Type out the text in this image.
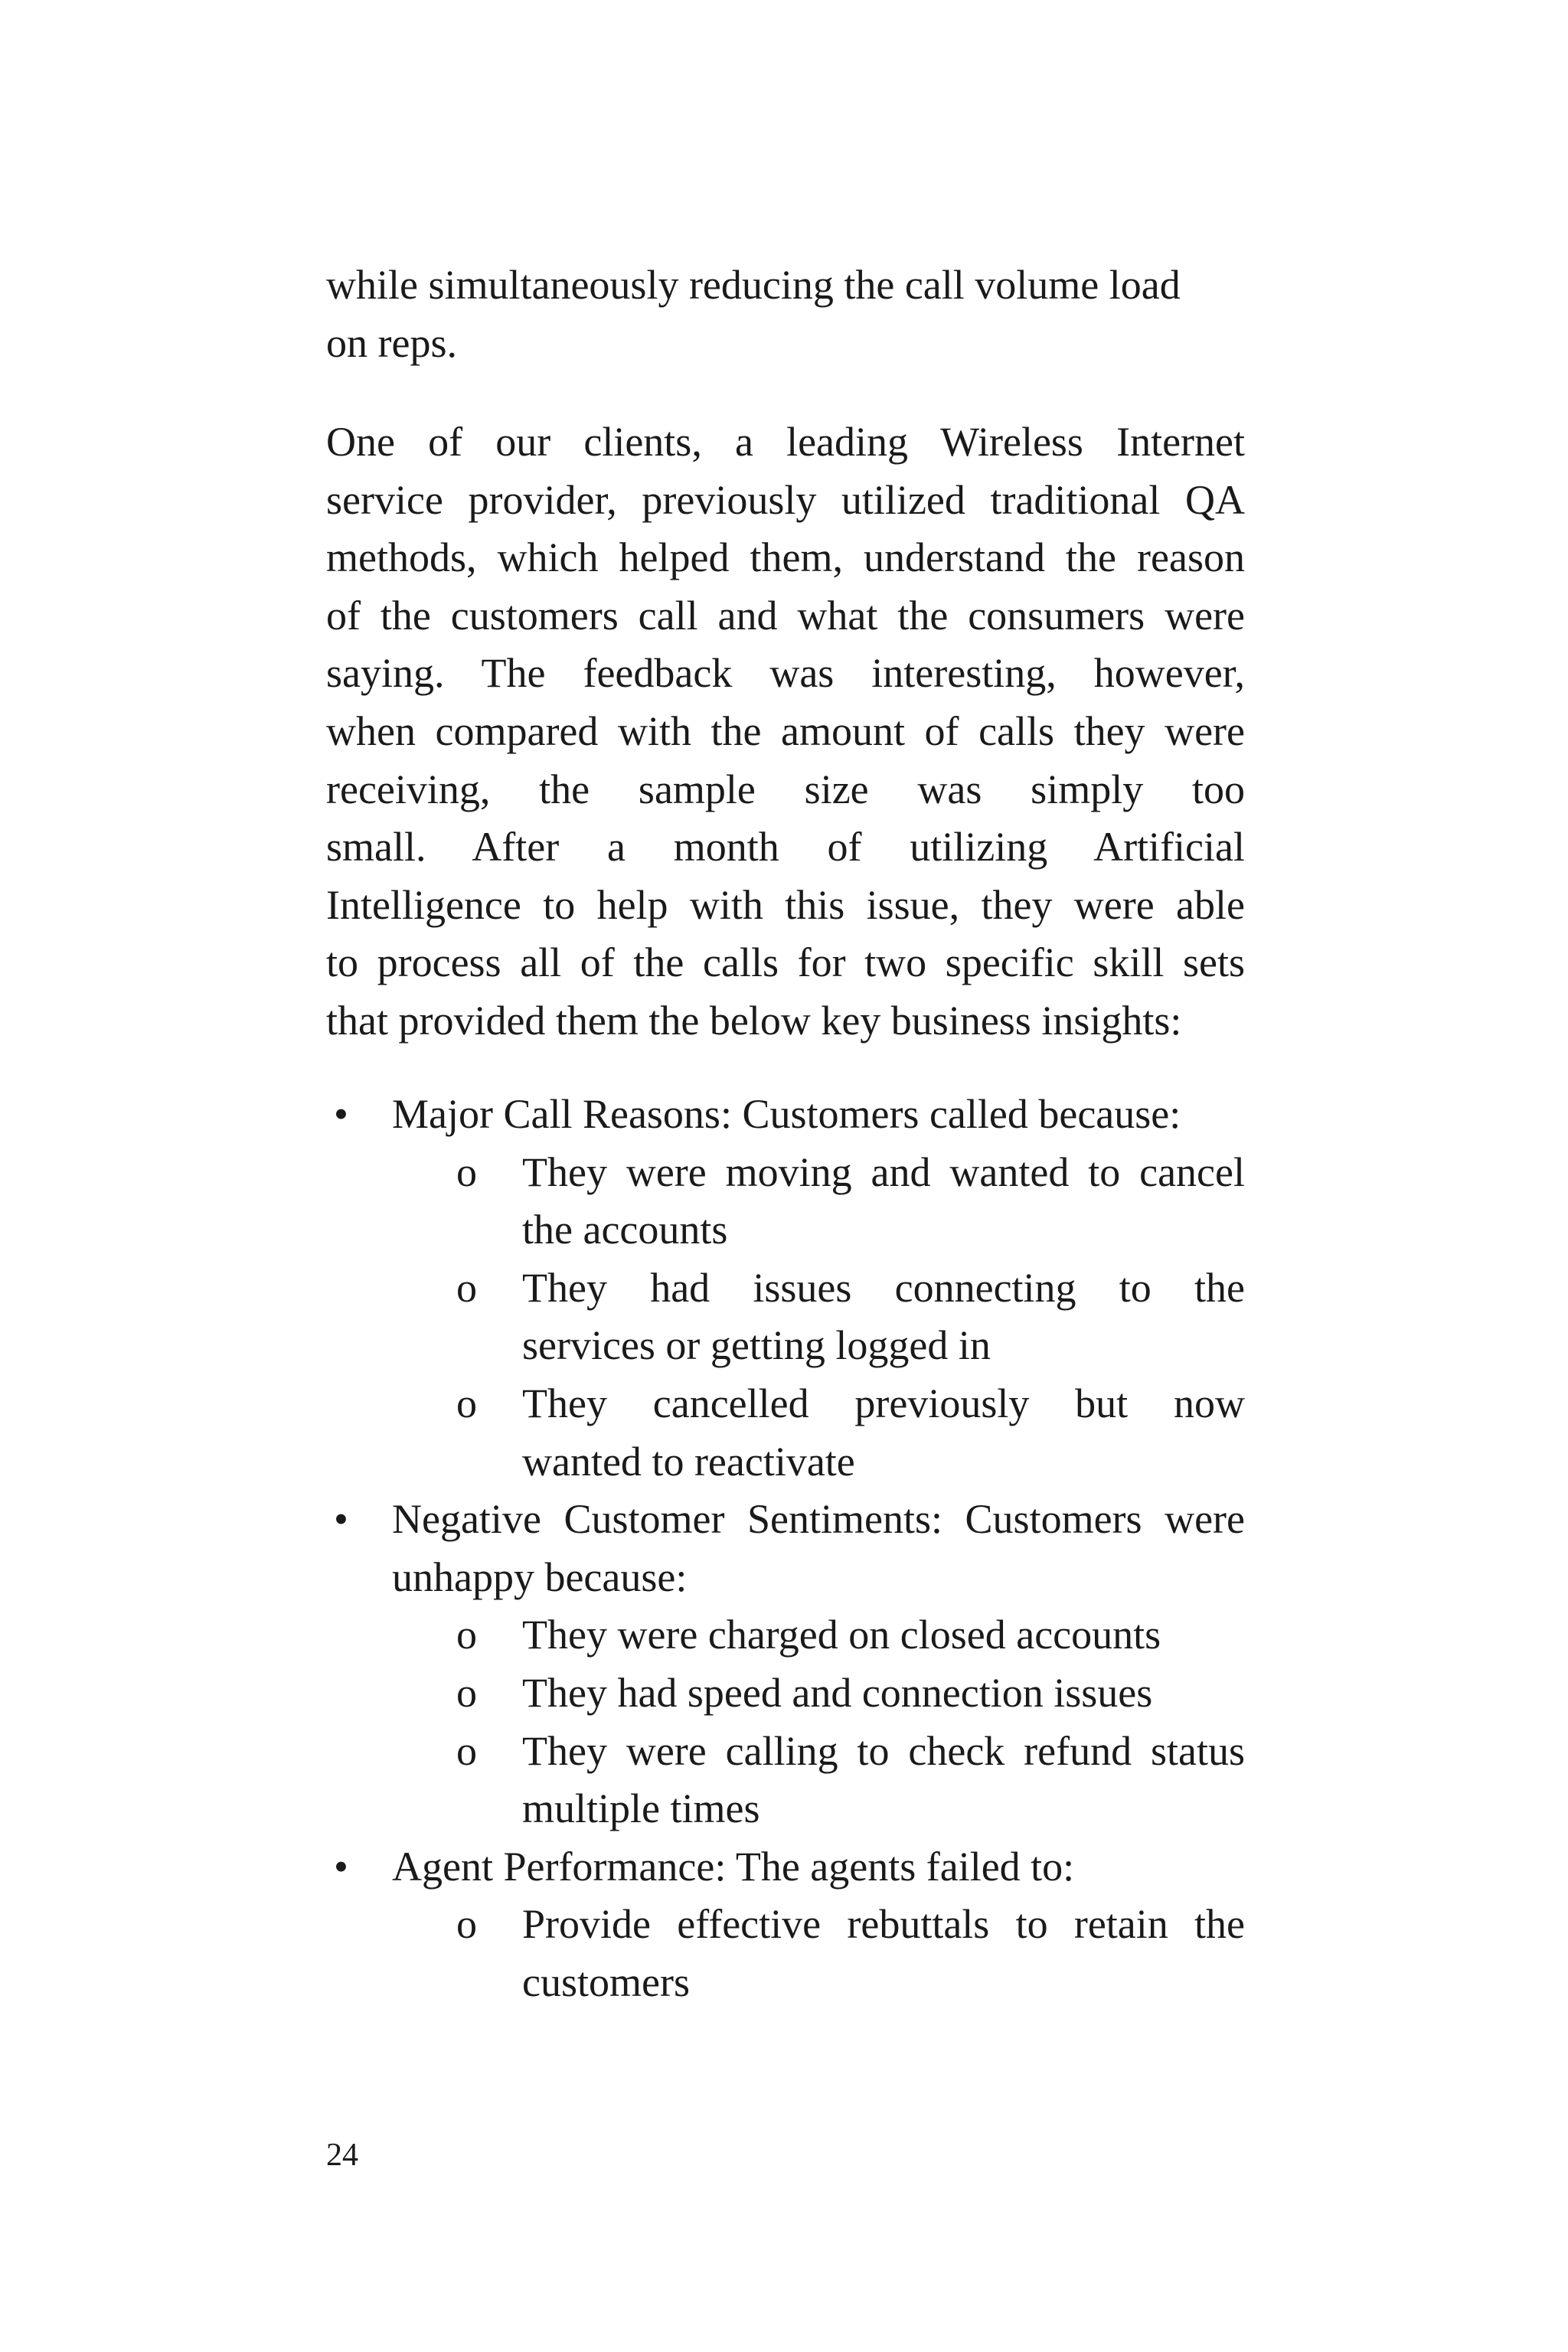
while simultaneously reducing the call volume load
on reps.
One of our clients, a leading Wireless Internet
service provider, previously utilized traditional QA
methods, which helped them, understand the reason
of the customers call and what the consumers were
saying. The feedback was interesting, however,
when compared with the amount of calls they were
receiving, the sample size was simply too
small. After a month of utilizing Artificial
Intelligence to help with this issue, they were able
to process all of the calls for two specific skill sets
that provided them the below key business insights:
• Major Call Reasons: Customers called because:
o They were moving and wanted to cancel
the accounts
o They had issues connecting to the
services or getting logged in
o They cancelled previously but now
wanted to reactivate
• Negative Customer Sentiments: Customers were
unhappy because:
o They were charged on closed accounts
o They had speed and connection issues
o They were calling to check refund status
multiple times
• Agent Performance: The agents failed to:
o Provide effective rebuttals to retain the
customers
24
